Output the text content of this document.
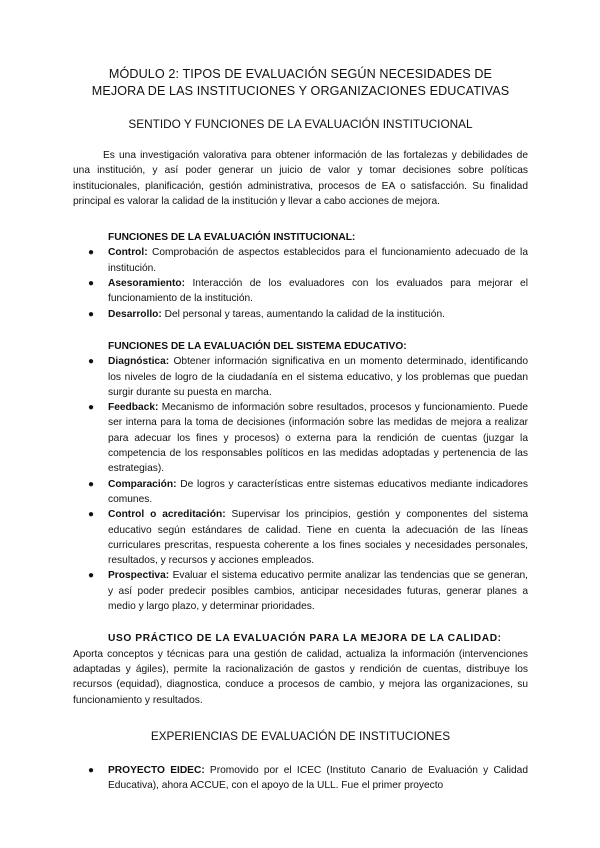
MÓDULO 2: TIPOS DE EVALUACIÓN SEGÚN NECESIDADES DE
MEJORA DE LAS INSTITUCIONES Y ORGANIZACIONES EDUCATIVAS
SENTIDO Y FUNCIONES DE LA EVALUACIÓN INSTITUCIONAL

Es una investigación valorativa para obtener información de las fortalezas y debilidades de una institución, y así poder generar un juicio de valor y tomar decisiones sobre políticas institucionales, planificación, gestión administrativa, procesos de EA o satisfacción. Su finalidad principal es valorar la calidad de la institución y llevar a cabo acciones de mejora.

FUNCIONES DE LA EVALUACIÓN INSTITUCIONAL:
● Control: Comprobación de aspectos establecidos para el funcionamiento adecuado de la institución.
● Asesoramiento: Interacción de los evaluadores con los evaluados para mejorar el funcionamiento de la institución.
● Desarrollo: Del personal y tareas, aumentando la calidad de la institución.
FUNCIONES DE LA EVALUACIÓN DEL SISTEMA EDUCATIVO:
● Diagnóstica: Obtener información significativa en un momento determinado, identificando los niveles de logro de la ciudadanía en el sistema educativo, y los problemas que puedan surgir durante su puesta en marcha.
● Feedback: Mecanismo de información sobre resultados, procesos y funcionamiento. Puede ser interna para la toma de decisiones (información sobre las medidas de mejora a realizar para adecuar los fines y procesos) o externa para la rendición de cuentas (juzgar la competencia de los responsables políticos en las medidas adoptadas y pertenencia de las estrategias).
● Comparación: De logros y características entre sistemas educativos mediante indicadores comunes.
● Control o acreditación: Supervisar los principios, gestión y componentes del sistema educativo según estándares de calidad. Tiene en cuenta la adecuación de las líneas curriculares prescritas, respuesta coherente a los fines sociales y necesidades personales, resultados, y recursos y acciones empleados.
● Prospectiva: Evaluar el sistema educativo permite analizar las tendencias que se generan, y así poder predecir posibles cambios, anticipar necesidades futuras, generar planes a medio y largo plazo, y determinar prioridades.
USO PRÁCTICO DE LA EVALUACIÓN PARA LA MEJORA DE LA CALIDAD:

Aporta conceptos y técnicas para una gestión de calidad, actualiza la información (intervenciones adaptadas y ágiles), permite la racionalización de gastos y rendición de cuentas, distribuye los recursos (equidad), diagnostica, conduce a procesos de cambio, y mejora las organizaciones, su funcionamiento y resultados.

EXPERIENCIAS DE EVALUACIÓN DE INSTITUCIONES
● PROYECTO EIDEC: Promovido por el ICEC (Instituto Canario de Evaluación y Calidad Educativa), ahora ACCUE, con el apoyo de la ULL. Fue el primer proyecto
